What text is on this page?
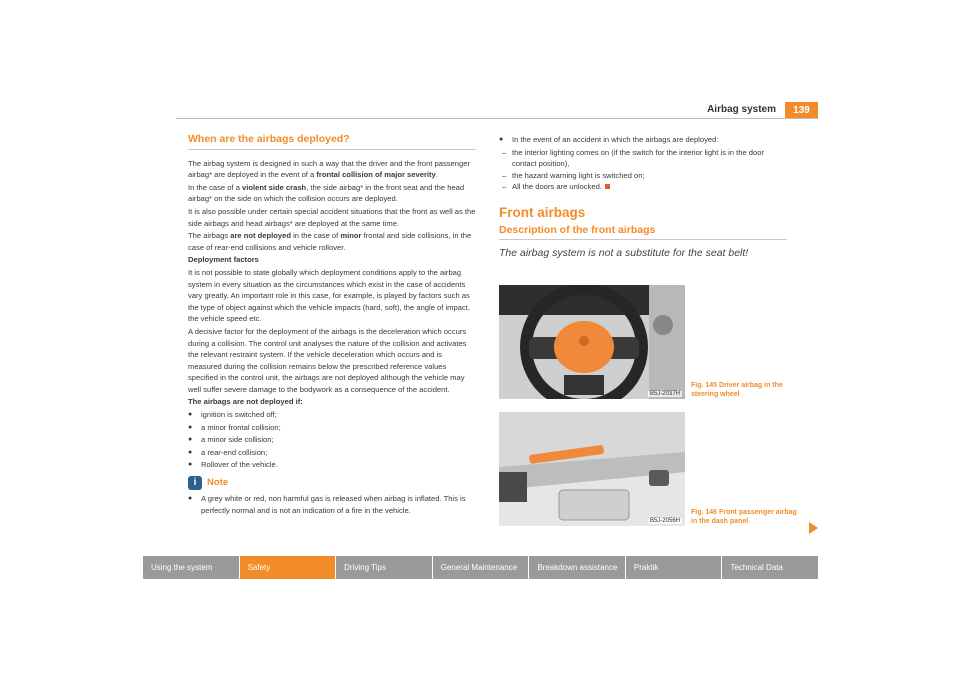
Airbag system	139
When are the airbags deployed?

The airbag system is designed in such a way that the driver and the front passenger airbag* are deployed in the event of a frontal collision of major severity.

In the case of a violent side crash, the side airbag* in the front seat and the head airbag* on the side on which the collision occurs are deployed.

It is also possible under certain special accident situations that the front as well as the side airbags and head airbags* are deployed at the same time.

The airbags are not deployed in the case of minor frontal and side collisions, in the case of rear-end collisions and vehicle rollover.

Deployment factors

It is not possible to state globally which deployment conditions apply to the airbag system in every situation as the circumstances which exist in the case of accidents vary greatly. An important role in this case, for example, is played by factors such as the type of object against which the vehicle impacts (hard, soft), the angle of impact, the vehicle speed etc.

A decisive factor for the deployment of the airbags is the deceleration which occurs during a collision. The control unit analyses the nature of the collision and activates the relevant restraint system. If the vehicle deceleration which occurs and is measured during the collision remains below the prescribed reference values specified in the control unit, the airbags are not deployed although the vehicle may well suffer severe damage to the bodywork as a consequence of the accident.

The airbags are not deployed if:

● ignition is switched off;
● a minor frontal collision;
● a minor side collision;
● a rear-end collision;
● Rollover of the vehicle.
i	Note
● A grey white or red, non harmful gas is released when airbag is inflated. This is perfectly normal and is not an indication of a fire in the vehicle.
● In the event of an accident in which the airbags are deployed:
– the interior lighting comes on (if the switch for the interior light is in the door contact position),
– the hazard warning light is switched on;
– All the doors are unlocked.
Front airbags
Description of the front airbags
The airbag system is not a substitute for the seat belt!
B5J-2037H
Fig. 145 Driver airbag in the steering wheel
B5J-2056H
Fig. 146 Front passenger airbag in the dash panel
Using the system	Safety	Driving Tips	General Maintenance	Breakdown assistance	Praktik	Technical Data
